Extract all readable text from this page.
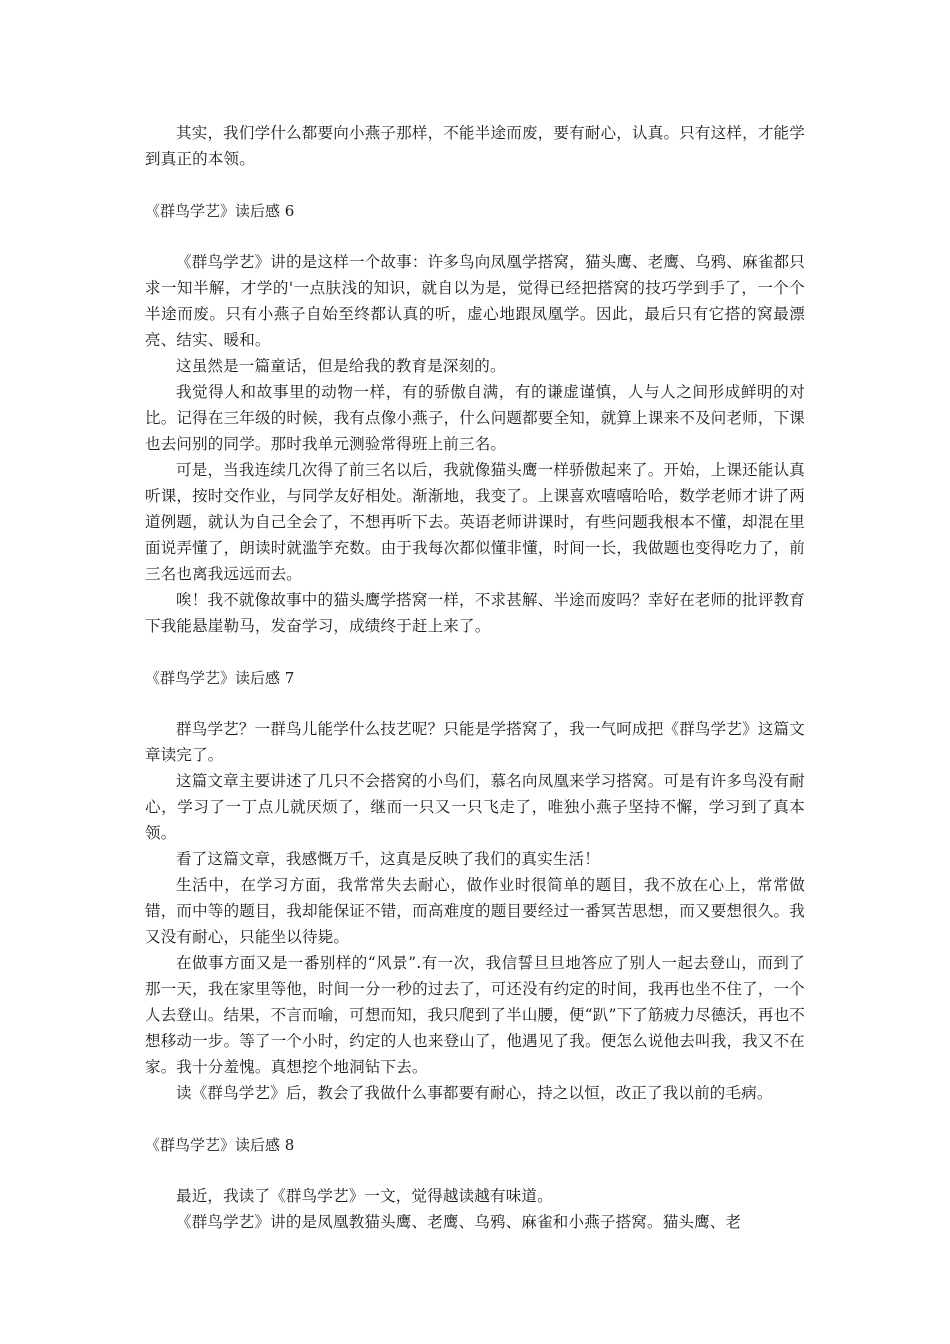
其实，我们学什么都要向小燕子那样，不能半途而废，要有耐心，认真。只有这样，才能学到真正的本领。

《群鸟学艺》读后感 6

《群鸟学艺》讲的是这样一个故事：许多鸟向凤凰学搭窝，猫头鹰、老鹰、乌鸦、麻雀都只求一知半解，才学的'一点肤浅的知识，就自以为是，觉得已经把搭窝的技巧学到手了，一个个半途而废。只有小燕子自始至终都认真的听，虚心地跟凤凰学。因此，最后只有它搭的窝最漂亮、结实、暖和。

这虽然是一篇童话，但是给我的教育是深刻的。

我觉得人和故事里的动物一样，有的骄傲自满，有的谦虚谨慎，人与人之间形成鲜明的对比。记得在三年级的时候，我有点像小燕子，什么问题都要全知，就算上课来不及问老师，下课也去问别的同学。那时我单元测验常得班上前三名。

可是，当我连续几次得了前三名以后，我就像猫头鹰一样骄傲起来了。开始，上课还能认真听课，按时交作业，与同学友好相处。渐渐地，我变了。上课喜欢嘻嘻哈哈，数学老师才讲了两道例题，就认为自己全会了，不想再听下去。英语老师讲课时，有些问题我根本不懂，却混在里面说弄懂了，朗读时就滥竽充数。由于我每次都似懂非懂，时间一长，我做题也变得吃力了，前三名也离我远远而去。

唉！我不就像故事中的猫头鹰学搭窝一样，不求甚解、半途而废吗？幸好在老师的批评教育下我能悬崖勒马，发奋学习，成绩终于赶上来了。

《群鸟学艺》读后感 7

群鸟学艺？一群鸟儿能学什么技艺呢？只能是学搭窝了，我一气呵成把《群鸟学艺》这篇文章读完了。

这篇文章主要讲述了几只不会搭窝的小鸟们，慕名向凤凰来学习搭窝。可是有许多鸟没有耐心，学习了一丁点儿就厌烦了，继而一只又一只飞走了，唯独小燕子坚持不懈，学习到了真本领。

看了这篇文章，我感慨万千，这真是反映了我们的真实生活！

生活中，在学习方面，我常常失去耐心，做作业时很简单的题目，我不放在心上，常常做错，而中等的题目，我却能保证不错，而高难度的题目要经过一番冥苦思想，而又要想很久。我又没有耐心，只能坐以待毙。

在做事方面又是一番别样的“风景”.有一次，我信誓旦旦地答应了别人一起去登山，而到了那一天，我在家里等他，时间一分一秒的过去了，可还没有约定的时间，我再也坐不住了，一个人去登山。结果，不言而喻，可想而知，我只爬到了半山腰，便“趴”下了筋疲力尽德沃，再也不想移动一步。等了一个小时，约定的人也来登山了，他遇见了我。便怎么说他去叫我，我又不在家。我十分羞愧。真想挖个地洞钻下去。

读《群鸟学艺》后，教会了我做什么事都要有耐心，持之以恒，改正了我以前的毛病。

《群鸟学艺》读后感 8

最近，我读了《群鸟学艺》一文，觉得越读越有味道。

《群鸟学艺》讲的是凤凰教猫头鹰、老鹰、乌鸦、麻雀和小燕子搭窝。猫头鹰、老
